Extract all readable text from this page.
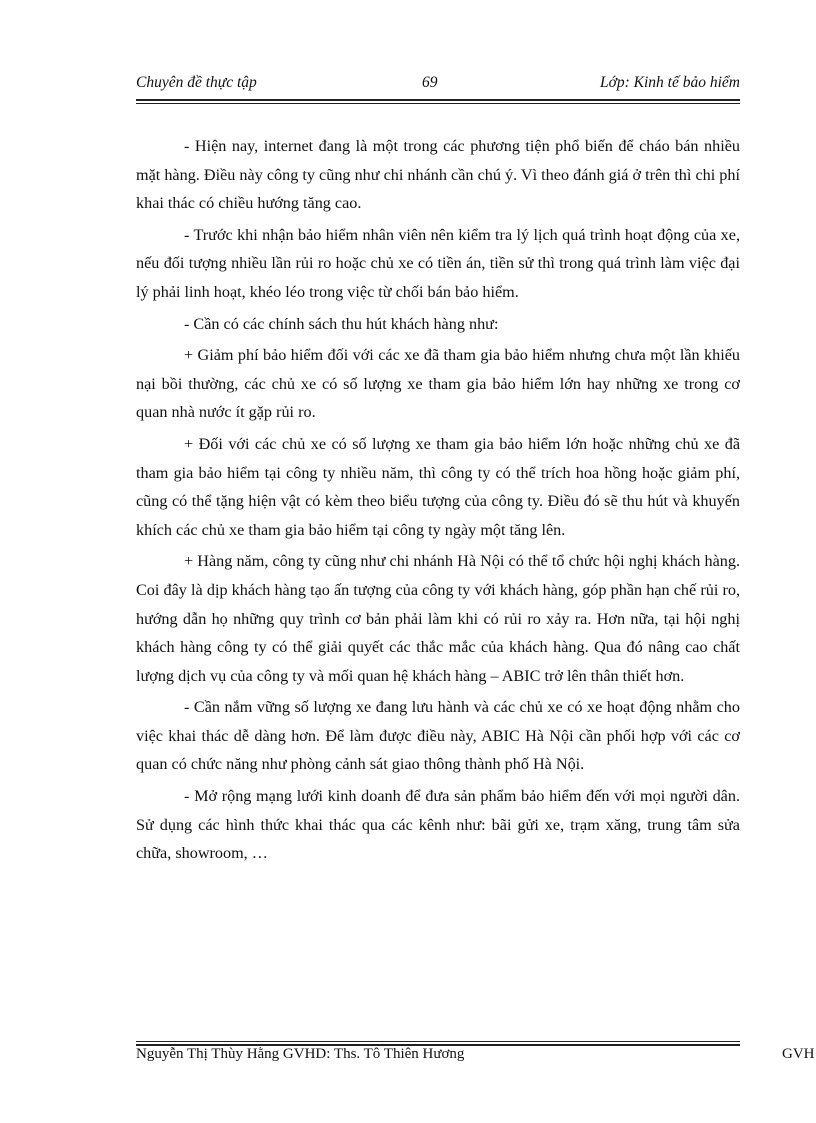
Chuyên đề thực tập	69	Lớp: Kinh tế bảo hiểm

- Hiện nay, internet đang là một trong các phương tiện phổ biến để cháo bán nhiều mặt hàng. Điều này công ty cũng như chi nhánh cần chú ý. Vì theo đánh giá ở trên thì chi phí khai thác có chiều hướng tăng cao.

- Trước khi nhận bảo hiểm nhân viên nên kiểm tra lý lịch quá trình hoạt động của xe, nếu đối tượng nhiều lần rủi ro hoặc chủ xe có tiền án, tiền sử thì trong quá trình làm việc đại lý phải linh hoạt, khéo léo trong việc từ chối bán bảo hiểm.

- Cần có các chính sách thu hút khách hàng như:

+ Giảm phí bảo hiểm đối với các xe đã tham gia bảo hiểm nhưng chưa một lần khiếu nại bồi thường, các chủ xe có số lượng xe tham gia bảo hiểm lớn hay những xe trong cơ quan nhà nước ít gặp rủi ro.

+ Đối với các chủ xe có số lượng xe tham gia bảo hiểm lớn hoặc những chủ xe đã tham gia bảo hiểm tại công ty nhiều năm, thì công ty có thể trích hoa hồng hoặc giảm phí, cũng có thể tặng hiện vật có kèm theo biểu tượng của công ty. Điều đó sẽ thu hút và khuyến khích các chủ xe tham gia bảo hiểm tại công ty ngày một tăng lên.

+ Hàng năm, công ty cũng như chi nhánh Hà Nội có thể tổ chức hội nghị khách hàng. Coi đây là dịp khách hàng tạo ấn tượng của công ty với khách hàng, góp phần hạn chế rủi ro, hướng dẫn họ những quy trình cơ bản phải làm khi có rủi ro xảy ra. Hơn nữa, tại hội nghị khách hàng công ty có thể giải quyết các thắc mắc của khách hàng. Qua đó nâng cao chất lượng dịch vụ của công ty và mối quan hệ khách hàng – ABIC trở lên thân thiết hơn.

- Cần nắm vững số lượng xe đang lưu hành và các chủ xe có xe hoạt động nhằm cho việc khai thác dễ dàng hơn. Để làm được điều này, ABIC Hà Nội cần phối hợp với các cơ quan có chức năng như phòng cảnh sát giao thông thành phố Hà Nội.

- Mở rộng mạng lưới kinh doanh để đưa sản phẩm bảo hiểm đến với mọi người dân. Sử dụng các hình thức khai thác qua các kênh như: bãi gửi xe, trạm xăng, trung tâm sửa chữa, showroom, …

Nguyễn Thị Thùy Hằng GVHD: Ths. Tô Thiên Hương	GVH
